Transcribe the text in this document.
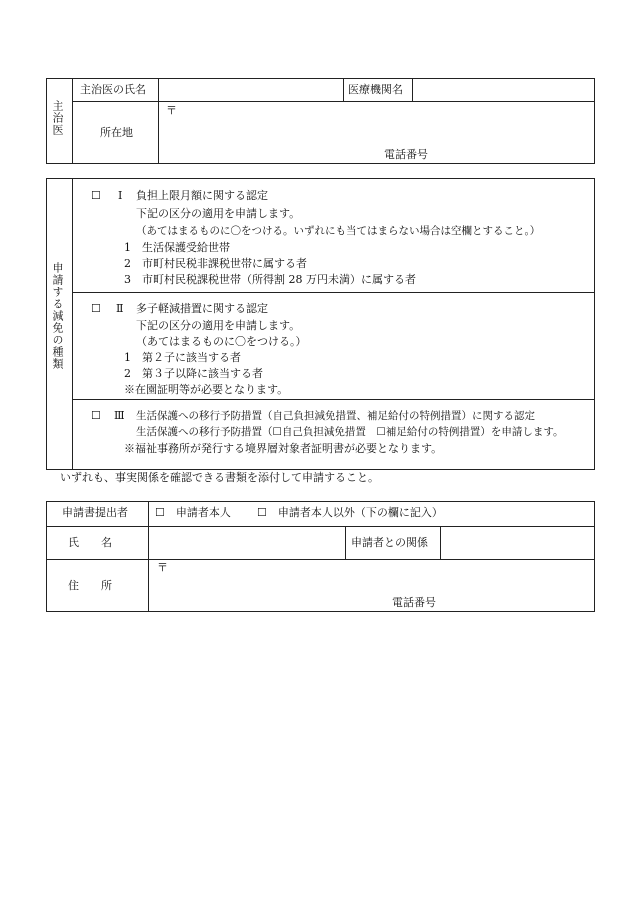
主治医
主治医の氏名	医療機関名
所在地
〒
電話番号
申請する減免の種類
☐ Ⅰ 負担上限月額に関する認定
下記の区分の適用を申請します。
（あてはまるものに〇をつける。いずれにも当てはまらない場合は空欄とすること。）
1　生活保護受給世帯
2　市町村民税非課税世帯に属する者
3　市町村民税課税世帯（所得割 28 万円未満）に属する者
☐ Ⅱ 多子軽減措置に関する認定
下記の区分の適用を申請します。
（あてはまるものに〇をつける。）
1　第２子に該当する者
2　第３子以降に該当する者
※在園証明等が必要となります。
☐ Ⅲ 生活保護への移行予防措置（自己負担減免措置、補足給付の特例措置）に関する認定
生活保護への移行予防措置（☐自己負担減免措置　☐補足給付の特例措置）を申請します。
※福祉事務所が発行する境界層対象者証明書が必要となります。
いずれも、事実関係を確認できる書類を添付して申請すること。
申請書提出者 ☐　申請者本人 ☐　申請者本人以外（下の欄に記入）
氏　　名	申請者との関係
住　　所
〒
電話番号
